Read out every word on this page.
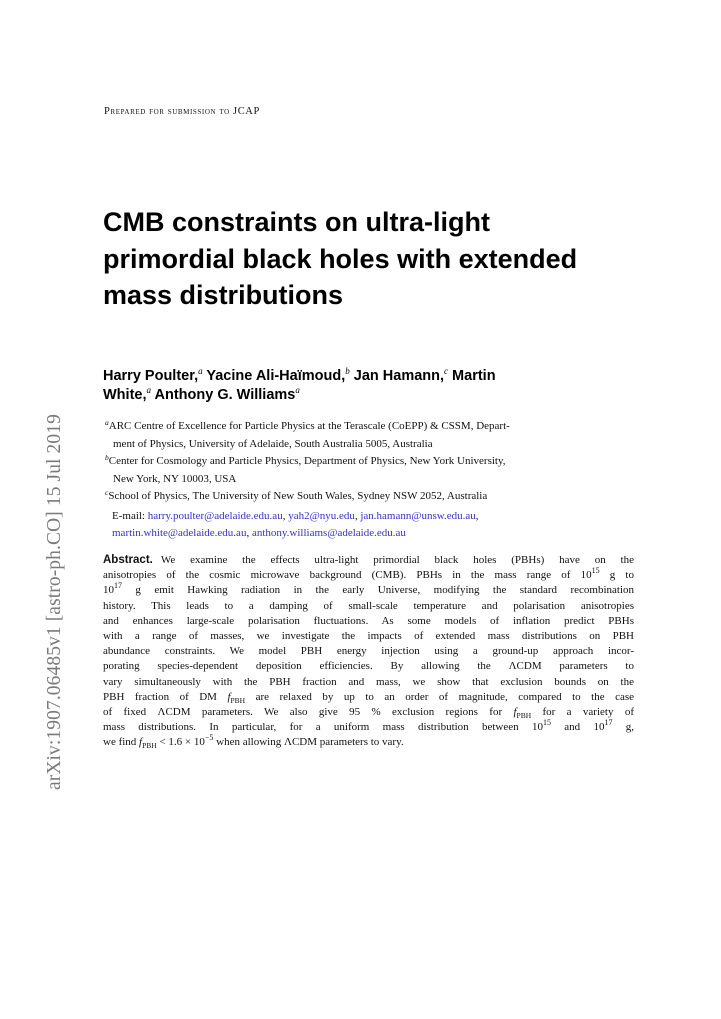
arXiv:1907.06485v1 [astro-ph.CO] 15 Jul 2019
Prepared for submission to JCAP
CMB constraints on ultra-light
primordial black holes with extended
mass distributions
Harry Poulter,$^a$ Yacine Ali-Haïmoud,$^b$ Jan Hamann,$^c$ Martin
White,$^a$ Anthony G. Williams$^a$

$^a$ARC Centre of Excellence for Particle Physics at the Terascale (CoEPP) & CSSM, Depart-
ment of Physics, University of Adelaide, South Australia 5005, Australia

$^b$Center for Cosmology and Particle Physics, Department of Physics, New York University,
New York, NY 10003, USA

$^c$School of Physics, The University of New South Wales, Sydney NSW 2052, Australia

E-mail: harry.poulter@adelaide.edu.au, yah2@nyu.edu, jan.hamann@unsw.edu.au,
martin.white@adelaide.edu.au, anthony.williams@adelaide.edu.au
Abstract. We examine the effects ultra-light primordial black holes (PBHs) have on the
anisotropies of the cosmic microwave background (CMB). PBHs in the mass range of $10^{15}$ g to
$10^{17}$ g emit Hawking radiation in the early Universe, modifying the standard recombination
history. This leads to a damping of small-scale temperature and polarisation anisotropies
and enhances large-scale polarisation fluctuations. As some models of inflation predict PBHs
with a range of masses, we investigate the impacts of extended mass distributions on PBH
abundance constraints. We model PBH energy injection using a ground-up approach incor-
porating species-dependent deposition efficiencies. By allowing the ΛCDM parameters to
vary simultaneously with the PBH fraction and mass, we show that exclusion bounds on the
PBH fraction of DM $f_{PBH}$ are relaxed by up to an order of magnitude, compared to the case
of fixed ΛCDM parameters. We also give 95 % exclusion regions for $f_{PBH}$ for a variety of
mass distributions. In particular, for a uniform mass distribution between $10^{15}$ and $10^{17}$ g,
we find $f_{PBH} < 1.6 \times 10^{-5}$ when allowing ΛCDM parameters to vary.
